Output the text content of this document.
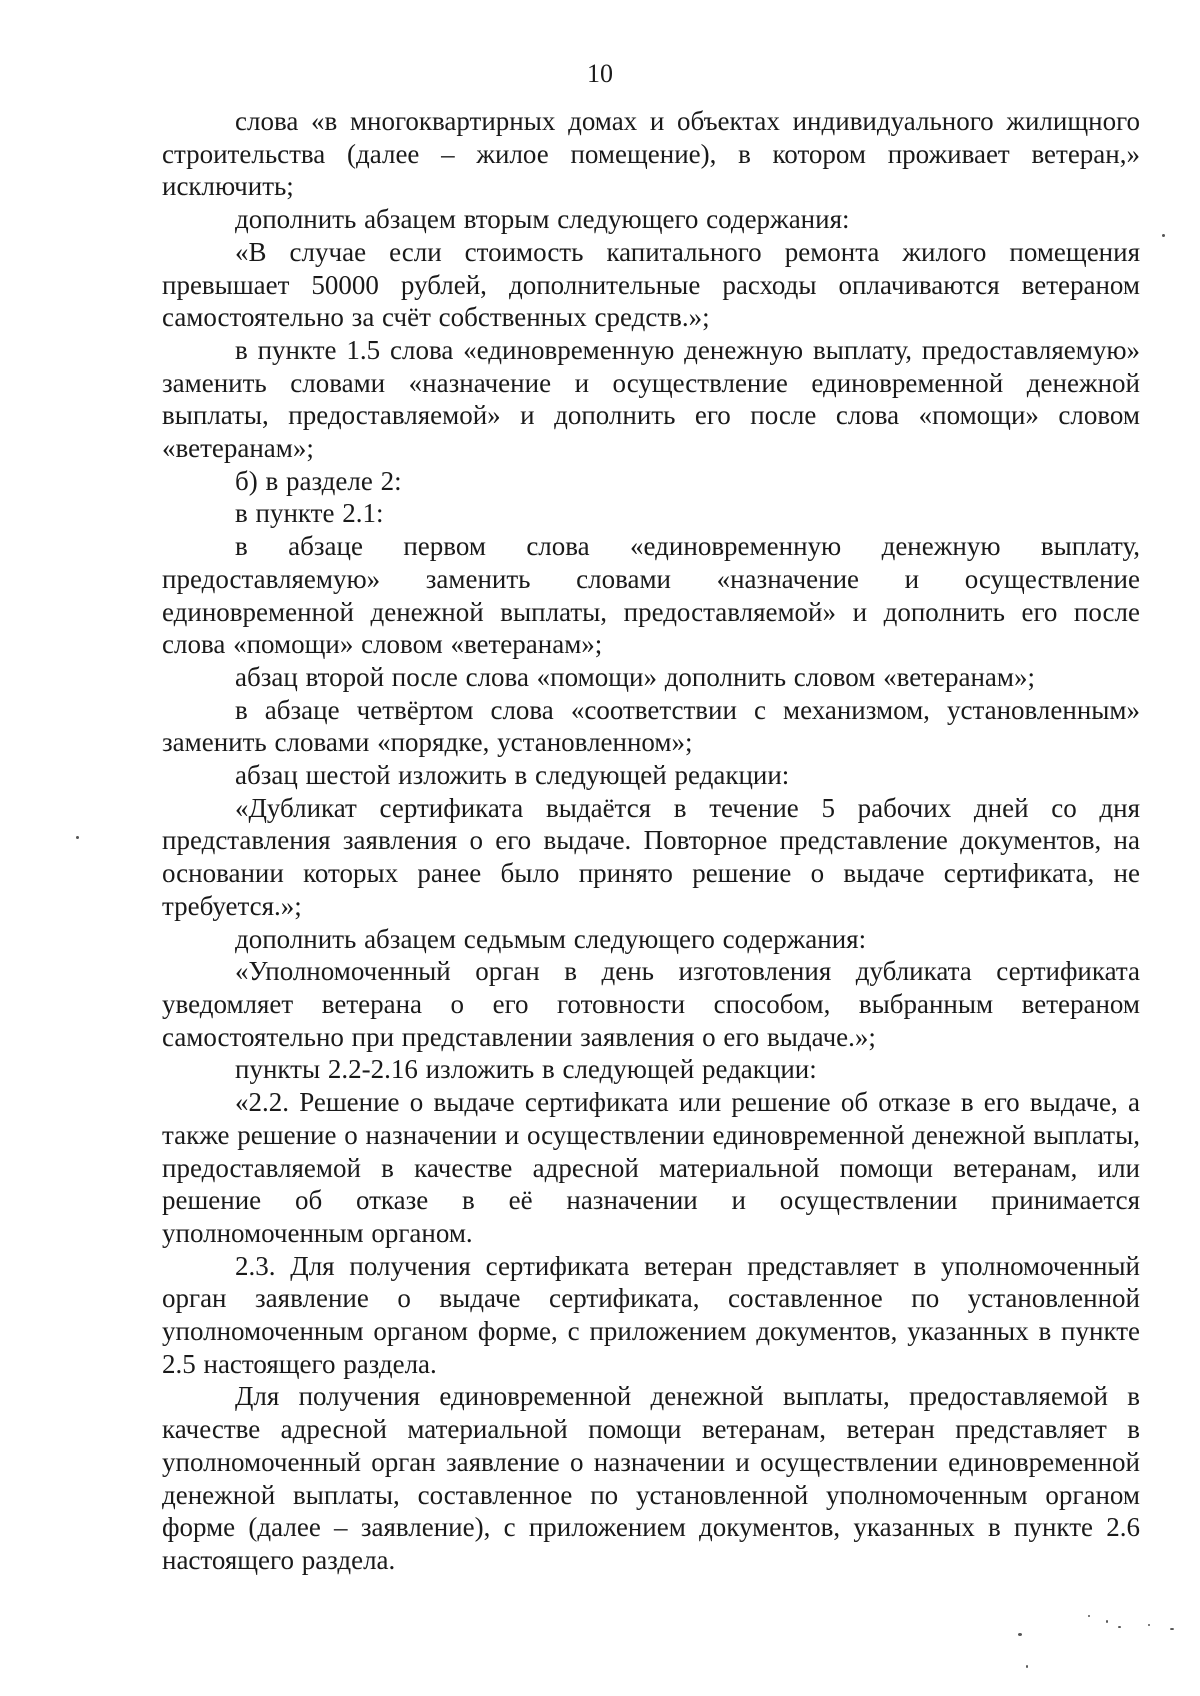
10

слова «в многоквартирных домах и объектах индивидуального жилищного строительства (далее – жилое помещение), в котором проживает ветеран,» исключить;

дополнить абзацем вторым следующего содержания:

«В случае если стоимость капитального ремонта жилого помещения превышает 50000 рублей, дополнительные расходы оплачиваются ветераном самостоятельно за счёт собственных средств.»;

в пункте 1.5 слова «единовременную денежную выплату, предоставляемую» заменить словами «назначение и осуществление единовременной денежной выплаты, предоставляемой» и дополнить его после слова «помощи» словом «ветеранам»;

б) в разделе 2:

в пункте 2.1:

в абзаце первом слова «единовременную денежную выплату, предоставляемую» заменить словами «назначение и осуществление единовременной денежной выплаты, предоставляемой» и дополнить его после слова «помощи» словом «ветеранам»;

абзац второй после слова «помощи» дополнить словом «ветеранам»;

в абзаце четвёртом слова «соответствии с механизмом, установленным» заменить словами «порядке, установленном»;

абзац шестой изложить в следующей редакции:

«Дубликат сертификата выдаётся в течение 5 рабочих дней со дня представления заявления о его выдаче. Повторное представление документов, на основании которых ранее было принято решение о выдаче сертификата, не требуется.»;

дополнить абзацем седьмым следующего содержания:

«Уполномоченный орган в день изготовления дубликата сертификата уведомляет ветерана о его готовности способом, выбранным ветераном самостоятельно при представлении заявления о его выдаче.»;

пункты 2.2-2.16 изложить в следующей редакции:

«2.2. Решение о выдаче сертификата или решение об отказе в его выдаче, а также решение о назначении и осуществлении единовременной денежной выплаты, предоставляемой в качестве адресной материальной помощи ветеранам, или решение об отказе в её назначении и осуществлении принимается уполномоченным органом.

2.3. Для получения сертификата ветеран представляет в уполномоченный орган заявление о выдаче сертификата, составленное по установленной уполномоченным органом форме, с приложением документов, указанных в пункте 2.5 настоящего раздела.

Для получения единовременной денежной выплаты, предоставляемой в качестве адресной материальной помощи ветеранам, ветеран представляет в уполномоченный орган заявление о назначении и осуществлении единовременной денежной выплаты, составленное по установленной уполномоченным органом форме (далее – заявление), с приложением документов, указанных в пункте 2.6 настоящего раздела.
